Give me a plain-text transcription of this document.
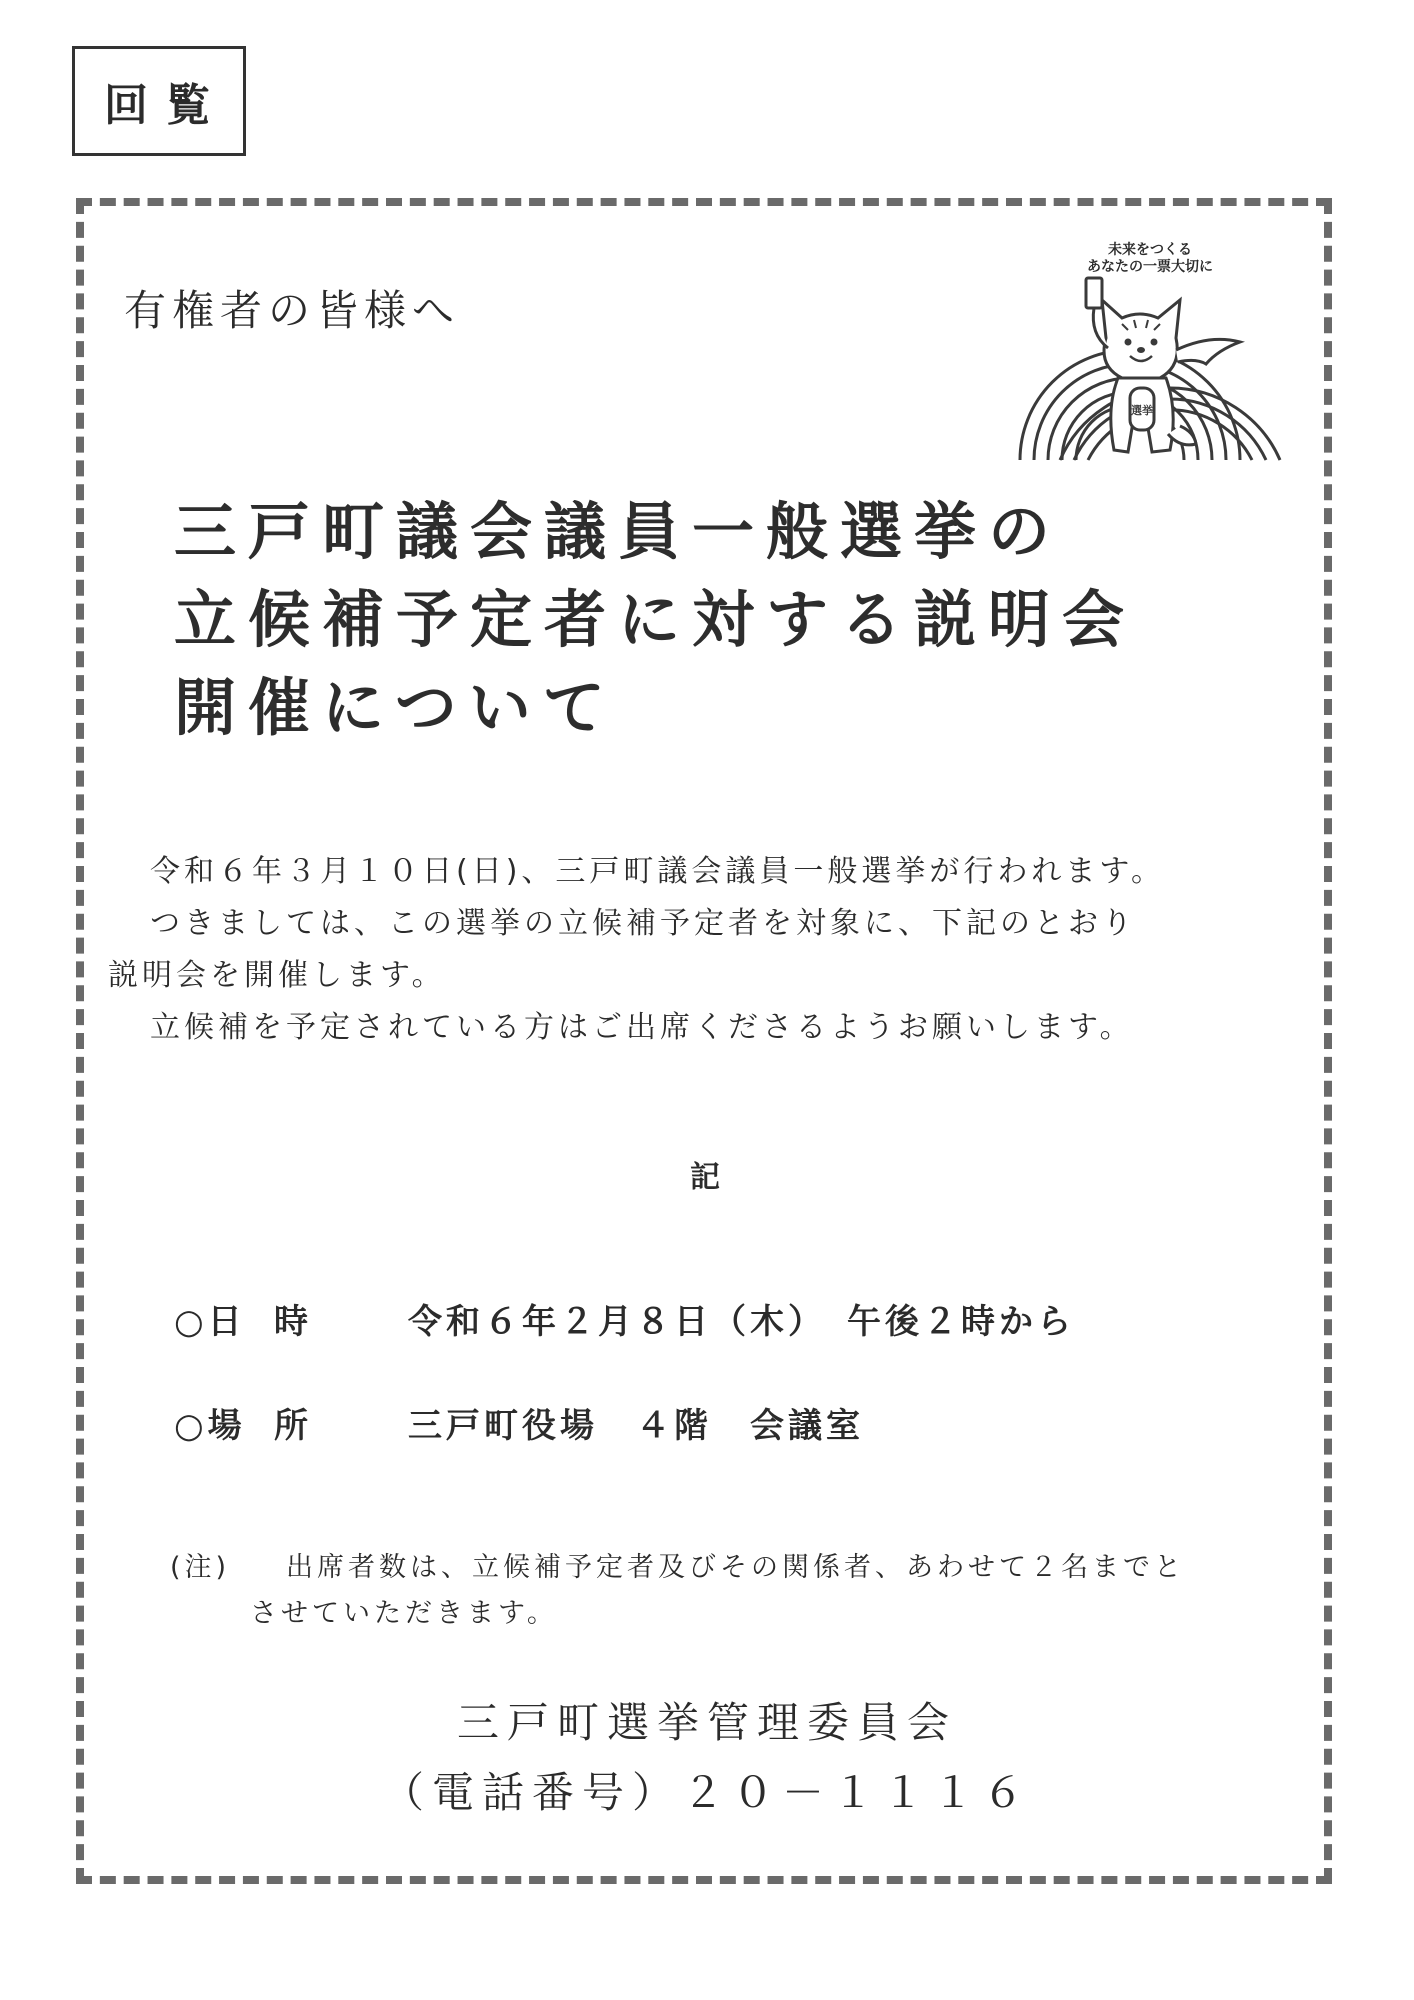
回覧
有権者の皆様へ
選挙
未来をつくる
あなたの一票大切に
三戸町議会議員一般選挙の
立候補予定者に対する説明会
開催について
令和６年３月１０日(日)、三戸町議会議員一般選挙が行われます。
つきましては、この選挙の立候補予定者を対象に、下記のとおり
説明会を開催します。
立候補を予定されている方はご出席くださるようお願いします。
記
○日 時	令和６年２月８日（木）　午後２時から
○場 所	三戸町役場　４階　会議室
(注) 出席者数は、立候補予定者及びその関係者、あわせて２名までと
させていただきます。
三戸町選挙管理委員会
（電話番号）２０－１１１６
